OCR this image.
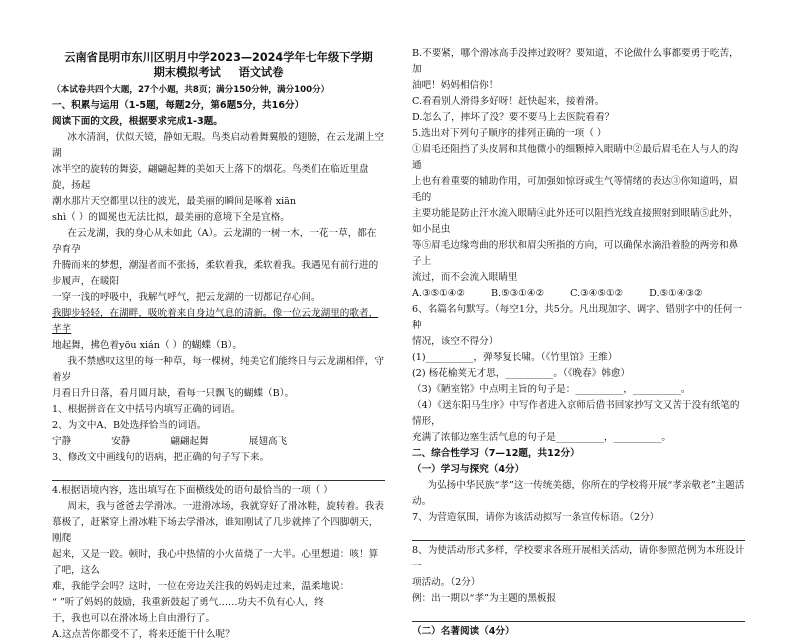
云南省昆明市东川区明月中学2023—2024学年七年级下学期

期末模拟考试 语文试卷

（本试卷共四个大题，27个小题，共8页；满分150分钟，满分100分）

一、积累与运用（1-5题，每题2分，第6题5分，共16分）

阅读下面的文段，根据要求完成1-3题。

冰水清润，伏似天镜，静如无瑕。鸟类启动着舞翼般的翅膀，在云龙湖上空湖

冰半空的旋转的舞姿，翩翩起舞的美如天上落下的烟花。鸟类们在临近里盘旋，扬起

潮水那片天空都里以往的波光，最美丽的瞬间是啄着 xiān

shì（ ）的圆冕也无法比拟，最美丽的意境下全是宜格。

在云龙湖，我的身心从未如此（A）。云龙湖的一树一木，一花一草，都在孕育孕

升腾而来的梦想，潮湿者而不张扬，柔软着我，柔软着我。我遇见有前行进的步履声，在暖阳

一穿一浅的呼吸中，我解气呼气，把云龙湖的一切都记存心间。

我脚步轻轻，在湖畔，吸吮着来自身边气息的清新。像一位云龙湖里的歌者，芊芊

地起舞，拂色着yōu xián（ ）的蝴蝶（B）。

我不禁感叹这里的每一种草，每一棵树，纯美它们能终日与云龙湖相伴，守着岁

月看日升日落，看月圆月缺，看每一只飘飞的蝴蝶（B）。

1、根据拼音在文中括号内填写正确的词语。

2、为文中A、B处选择恰当的词语。

宁静	安静	翩翩起舞	展翅高飞

3、修改文中画线句的语病，把正确的句子写下来。

4.根据语境内容，选出填写在下面横线处的语句最恰当的一项（ ）

周末，我与爸爸去学滑冰。一进滑冰场，我就穿好了滑冰鞋，旋转着。我表

慕极了，赶紧穿上滑冰鞋下场去学滑冰，谁知刚试了几步就摔了个四脚朝天，刚爬

起来，又是一跤。顿时，我心中热情的小火苗烧了一大半。心里想道：咳！算了吧，这么

难，我能学会吗？这时，一位在旁边关注我的妈妈走过来，温柔地说：

“ ”听了妈妈的鼓励，我重新鼓起了勇气……功夫不负有心人，终

于，我也可以在滑冰场上自由滑行了。

A.这点苦你都受不了，将来还能干什么呢？

B.不要紧，哪个滑冰高手没摔过跤呀？要知道，不论做什么事都要勇于吃苦，加

油吧！妈妈相信你！

C.看看别人滑得多好呀！赶快起来，接着滑。

D.怎么了，摔坏了没？要不要马上去医院看看？

5.选出对下列句子顺序的排列正确的一项（ ）

①眉毛还阻挡了头皮屑和其他微小的细颗掉入眼睛中②最后眉毛在人与人的沟通

上也有着重要的辅助作用，可加强如惊讶或生气等情绪的表达③你知道吗，眉毛的

主要功能是防止汗水流入眼睛④此外还可以阻挡光线直接照射到眼睛⑤此外，如小昆虫

等⑤眉毛边缘弯曲的形状和眉尖所指的方向，可以确保水滴沿着脸的两旁和鼻子上

流过，而不会流入眼睛里

A.③⑤①④②	B.⑤③①④②	C.③④⑤①②	D.⑤①④③②

6、名篇名句默写。（每空1分，共5分。凡出现加字、调字、错别字中的任何一种

情况，该空不得分）

(1)__________，弹琴复长啸。（《竹里馆》王维）

(2) 杨花榆荚无才思，__________。（《晚春》韩愈）

（3)《陋室铭》中点明主旨的句子是：__________，__________。

（4）《送东阳马生序》中写作者进入京师后借书回家抄写文又苦于没有纸笔的情形，

充满了浓郁边塞生活气息的句子是__________，__________。

二、综合性学习（7—12题，共12分）

（一）学习与探究（4分）

为弘扬中华民族“孝”这一传统美德，你所在的学校将开展“孝亲敬老”主题活动。

7、为营造氛围，请你为该活动拟写一条宣传标语。（2分）

8、为使活动形式多样，学校要求各班开展相关活动，请你参照范例为本班设计一

项活动。（2分）

例：出一期以“孝”为主题的黑板报

（二）名著阅读（4分）
